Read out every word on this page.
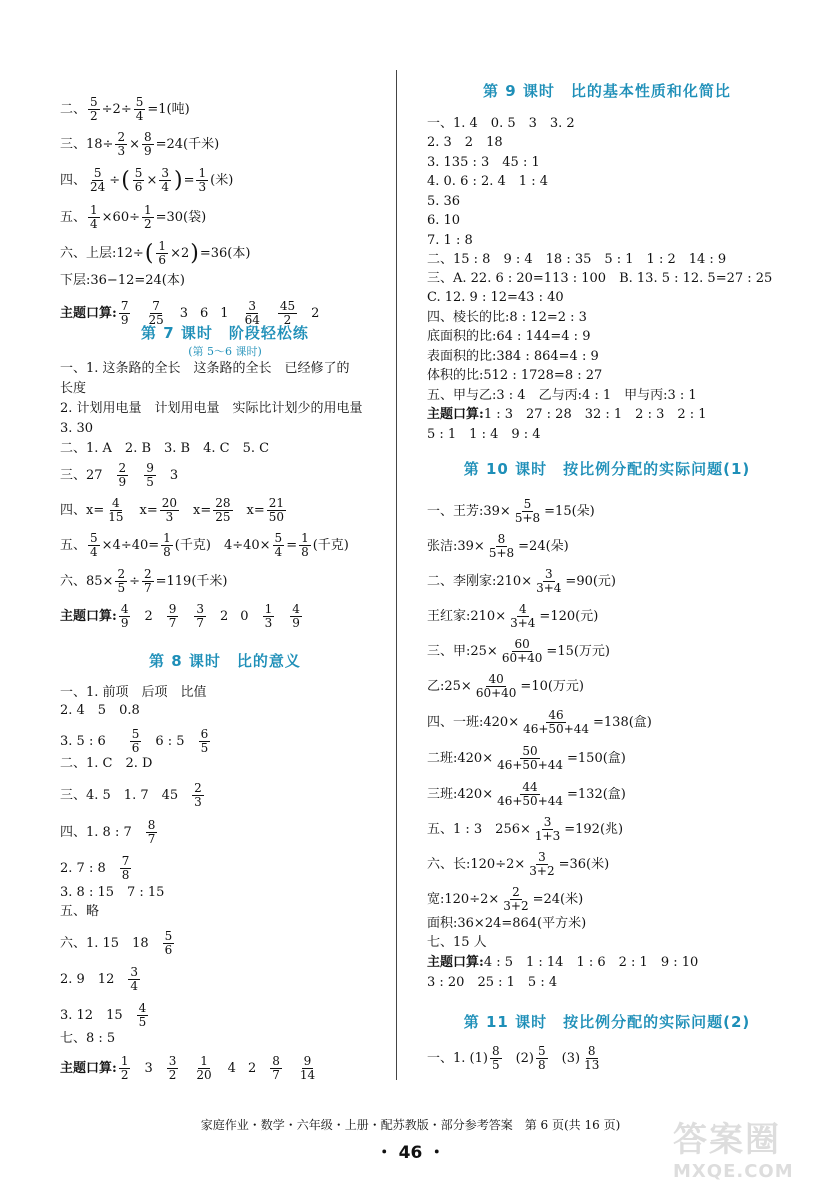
二、 $\frac{5}{2} \div 2\div \frac{5}{4} =1$(吨)
三、$18\div \frac{2}{3} \times \frac{8}{9} =24$(千米)
四、 $\frac{5}{24}$ ÷ ( $\frac{5}{6} \times \frac{3}{4}$ ) = $\frac{1}{3}$ (米)
五、 $\frac{1}{4} \times 60\div \frac{1}{2} =30$(袋)
六、上层:12÷ ( $\frac{1}{6} \times 2$ ) =36(本)
下层:36−12=24(本)
主题口算: 7
9
7
25 3 6 1 3
64
45
2 2
第 7 课时　阶段轻松练
(第 5～6 课时)
一、1. 这条路的全长　这条路的全长　已经修了的
长度
2. 计划用电量　计划用电量　实际比计划少的用电量
3. 30
二、1. A　2. B　3. B　4. C　5. C
三、27 2
9
9
5 3
四、$x= \frac{4}{15} x= \frac{20}{3} x= \frac{28}{25} x= \frac{21}{50}$
五、 $\frac{5}{4} \times 4\div 40= \frac{1}{8}$ (千克)　$4\div 40\times \frac{5}{4} = \frac{1}{8}$ (千克)
六、$85\times \frac{2}{5} \div \frac{2}{7} =119$(千米)
主题口算: 4
9 2 9
7
3
7 2 0 1
3
4
9
第 8 课时　比的意义
一、1. 前项　后项　比值
2. 4　5　0.8
3. 5 : 6 5
6 6 : 5 6
5
二、1. C　2. D
三、4. 5　1. 7　45 2
3
四、1. 8 : 7 8
7
2. 7 : 8 7
8
3. 8 : 15　7 : 15
五、略
六、1. 15　18 5
6
2. 9　12 3
4
3. 12　15 4
5
七、8 : 5
主题口算: 1
2 3 3
2
1
20 4 2 8
7
9
14
第 9 课时　比的基本性质和化简比
一、1. 4　0. 5　3　3. 2
2. 3　2　18
3. 135 : 3　45 : 1
4. 0. 6 : 2. 4　1 : 4
5. 36
6. 10
7. 1 : 8
二、15 : 8　9 : 4　18 : 35　5 : 1　1 : 2　14 : 9
三、A. 22. 6 : 20=113 : 100　B. 13. 5 : 12. 5=27 : 25
C. 12. 9 : 12=43 : 40
四、棱长的比:8 : 12=2 : 3
底面积的比:64 : 144=4 : 9
表面积的比:384 : 864=4 : 9
体积的比:512 : 1728=8 : 27
五、甲与乙:3 : 4　乙与丙:4 : 1　甲与丙:3 : 1
主题口算: 1 : 3　27 : 28　32 : 1　2 : 3　2 : 1
5 : 1　1 : 4　9 : 4
第 10 课时　按比例分配的实际问题(1)
一、王芳:39× $\frac{5}{5+8} =15$(朵)
张洁:39× $\frac{8}{5+8} =24$(朵)
二、李刚家:210× $\frac{3}{3+4} =90$(元)
王红家:210× $\frac{4}{3+4} =120$(元)
三、甲:25× $\frac{60}{60+40} =15$(万元)
乙:25× $\frac{40}{60+40} =10$(万元)
四、一班:420× $\frac{46}{46+50+44} =138$(盒)
二班:420× $\frac{50}{46+50+44} =150$(盒)
三班:420× $\frac{44}{46+50+44} =132$(盒)
五、1 : 3　$256\times \frac{3}{1+3} =192$(兆)
六、长:120÷2× $\frac{3}{3+2} =36$(米)
宽:120÷2× $\frac{2}{3+2} =24$(米)
面积:36×24=864(平方米)
七、15 人
主题口算: 4 : 5　1 : 14　1 : 6　2 : 1　9 : 10
3 : 20　25 : 1　5 : 4
第 11 课时　按比例分配的实际问题(2)
一、1. (1) 8
5 (2) 5
8 (3) 8
13
家庭作业・数学・六年级・上册・配苏教版・部分参考答案　第 6 页(共 16 页)
・ 46 ・	答案圈
MXQE.COM
